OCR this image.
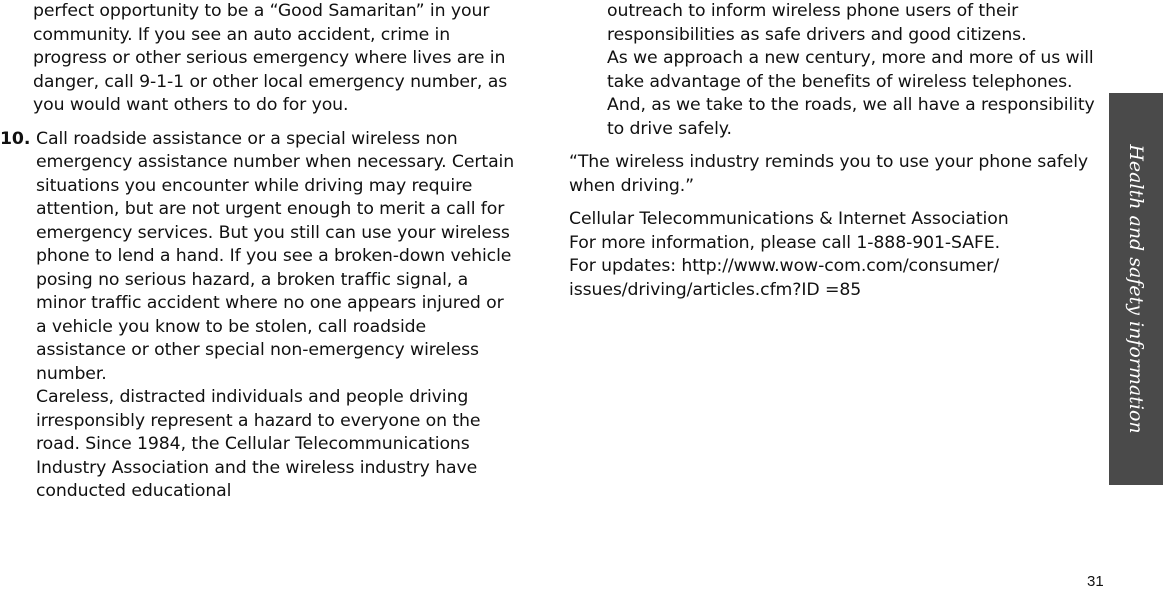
perfect opportunity to be a “Good Samaritan” in your community. If you see an auto accident, crime in progress or other serious emergency where lives are in danger, call 9-1-1 or other local emergency number, as you would want others to do for you.

10. Call roadside assistance or a special wireless non emergency assistance number when necessary. Certain situations you encounter while driving may require attention, but are not urgent enough to merit a call for emergency services. But you still can use your wireless phone to lend a hand. If you see a broken-down vehicle posing no serious hazard, a broken traffic signal, a minor traffic accident where no one appears injured or a vehicle you know to be stolen, call roadside assistance or other special non-emergency wireless number.
Careless, distracted individuals and people driving irresponsibly represent a hazard to everyone on the road. Since 1984, the Cellular Telecommunications Industry Association and the wireless industry have conducted educational

outreach to inform wireless phone users of their responsibilities as safe drivers and good citizens.

As we approach a new century, more and more of us will take advantage of the benefits of wireless telephones.

And, as we take to the roads, we all have a responsibility to drive safely.

“The wireless industry reminds you to use your phone safely when driving.”

Cellular Telecommunications & Internet Association
For more information, please call 1-888-901-SAFE.
For updates: http://www.wow-com.com/consumer/
issues/driving/articles.cfm?ID =85	Health and safety information
31
